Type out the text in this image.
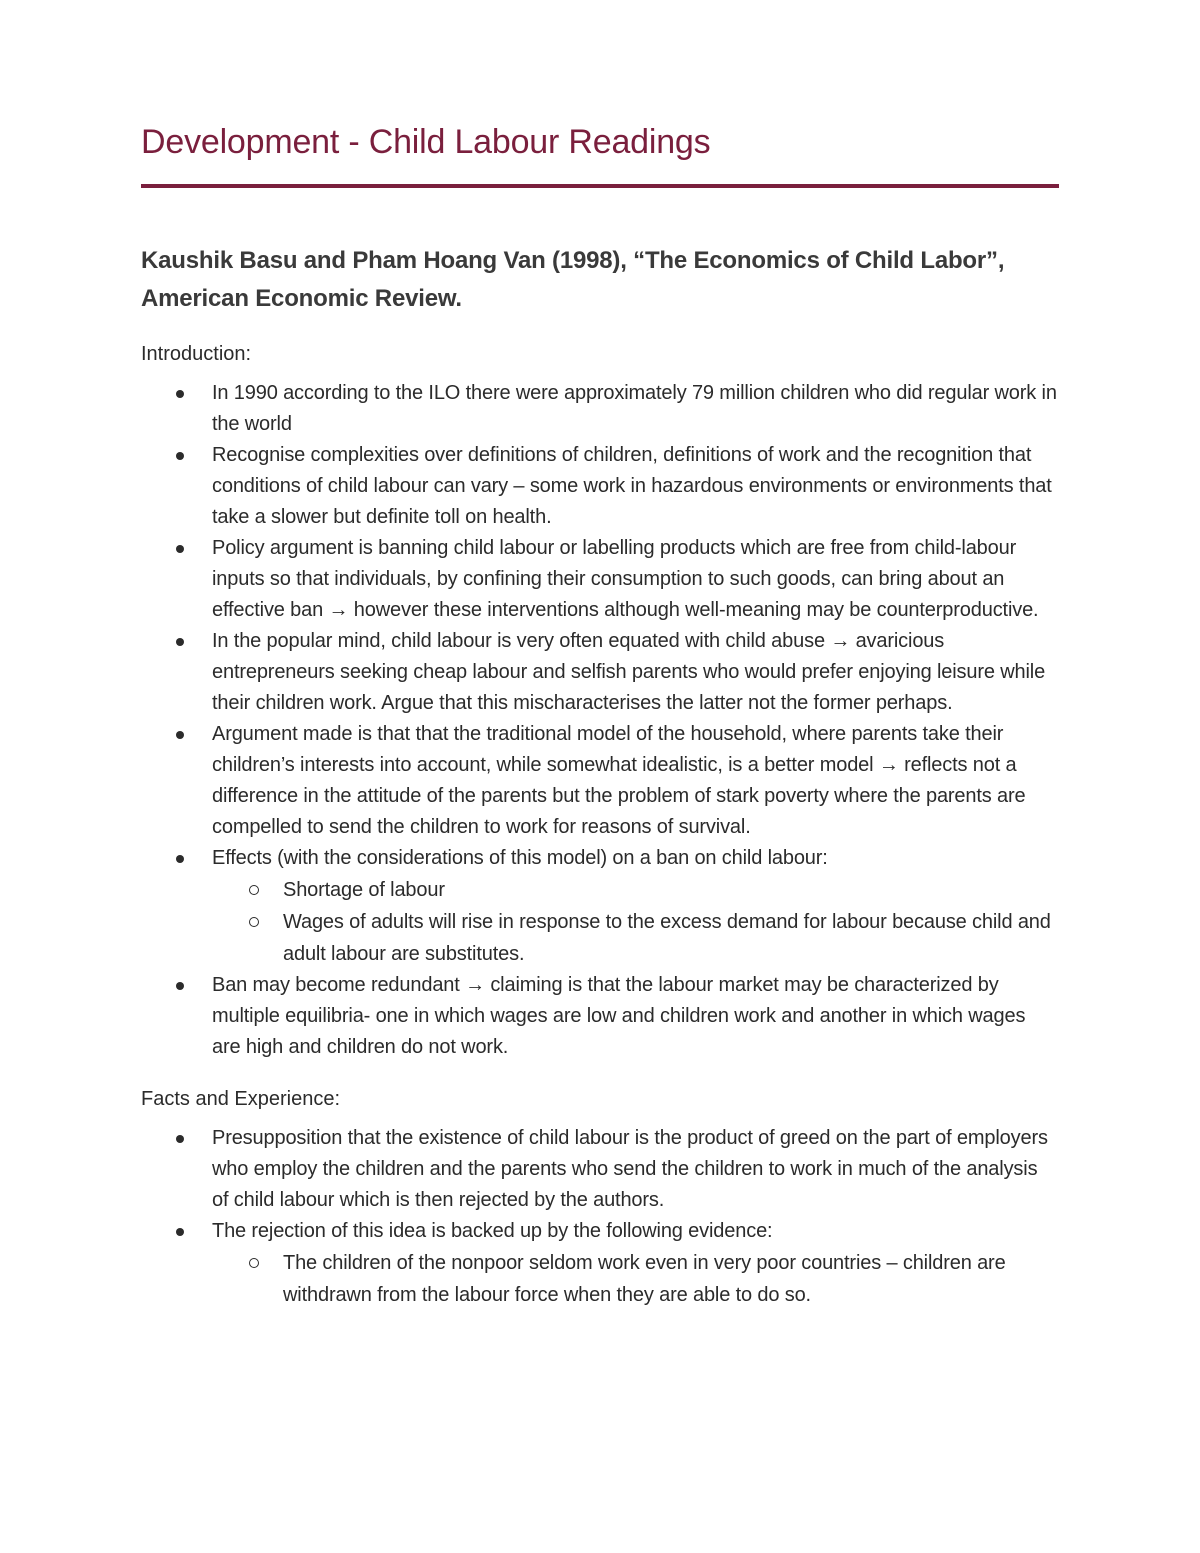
Development - Child Labour Readings

Kaushik Basu and Pham Hoang Van (1998), “The Economics of Child Labor”, American Economic Review.

Introduction:

In 1990 according to the ILO there were approximately 79 million children who did regular work in the world
Recognise complexities over definitions of children, definitions of work and the recognition that conditions of child labour can vary – some work in hazardous environments or environments that take a slower but definite toll on health.
Policy argument is banning child labour or labelling products which are free from child-labour inputs so that individuals, by confining their consumption to such goods, can bring about an effective ban → however these interventions although well-meaning may be counterproductive.
In the popular mind, child labour is very often equated with child abuse → avaricious entrepreneurs seeking cheap labour and selfish parents who would prefer enjoying leisure while their children work. Argue that this mischaracterises the latter not the former perhaps.
Argument made is that that the traditional model of the household, where parents take their children’s interests into account, while somewhat idealistic, is a better model → reflects not a difference in the attitude of the parents but the problem of stark poverty where the parents are compelled to send the children to work for reasons of survival.
Effects (with the considerations of this model) on a ban on child labour:
Shortage of labour
Wages of adults will rise in response to the excess demand for labour because child and adult labour are substitutes.
Ban may become redundant → claiming is that the labour market may be characterized by multiple equilibria- one in which wages are low and children work and another in which wages are high and children do not work.

Facts and Experience:

Presupposition that the existence of child labour is the product of greed on the part of employers who employ the children and the parents who send the children to work in much of the analysis of child labour which is then rejected by the authors.
The rejection of this idea is backed up by the following evidence:
The children of the nonpoor seldom work even in very poor countries – children are withdrawn from the labour force when they are able to do so.
